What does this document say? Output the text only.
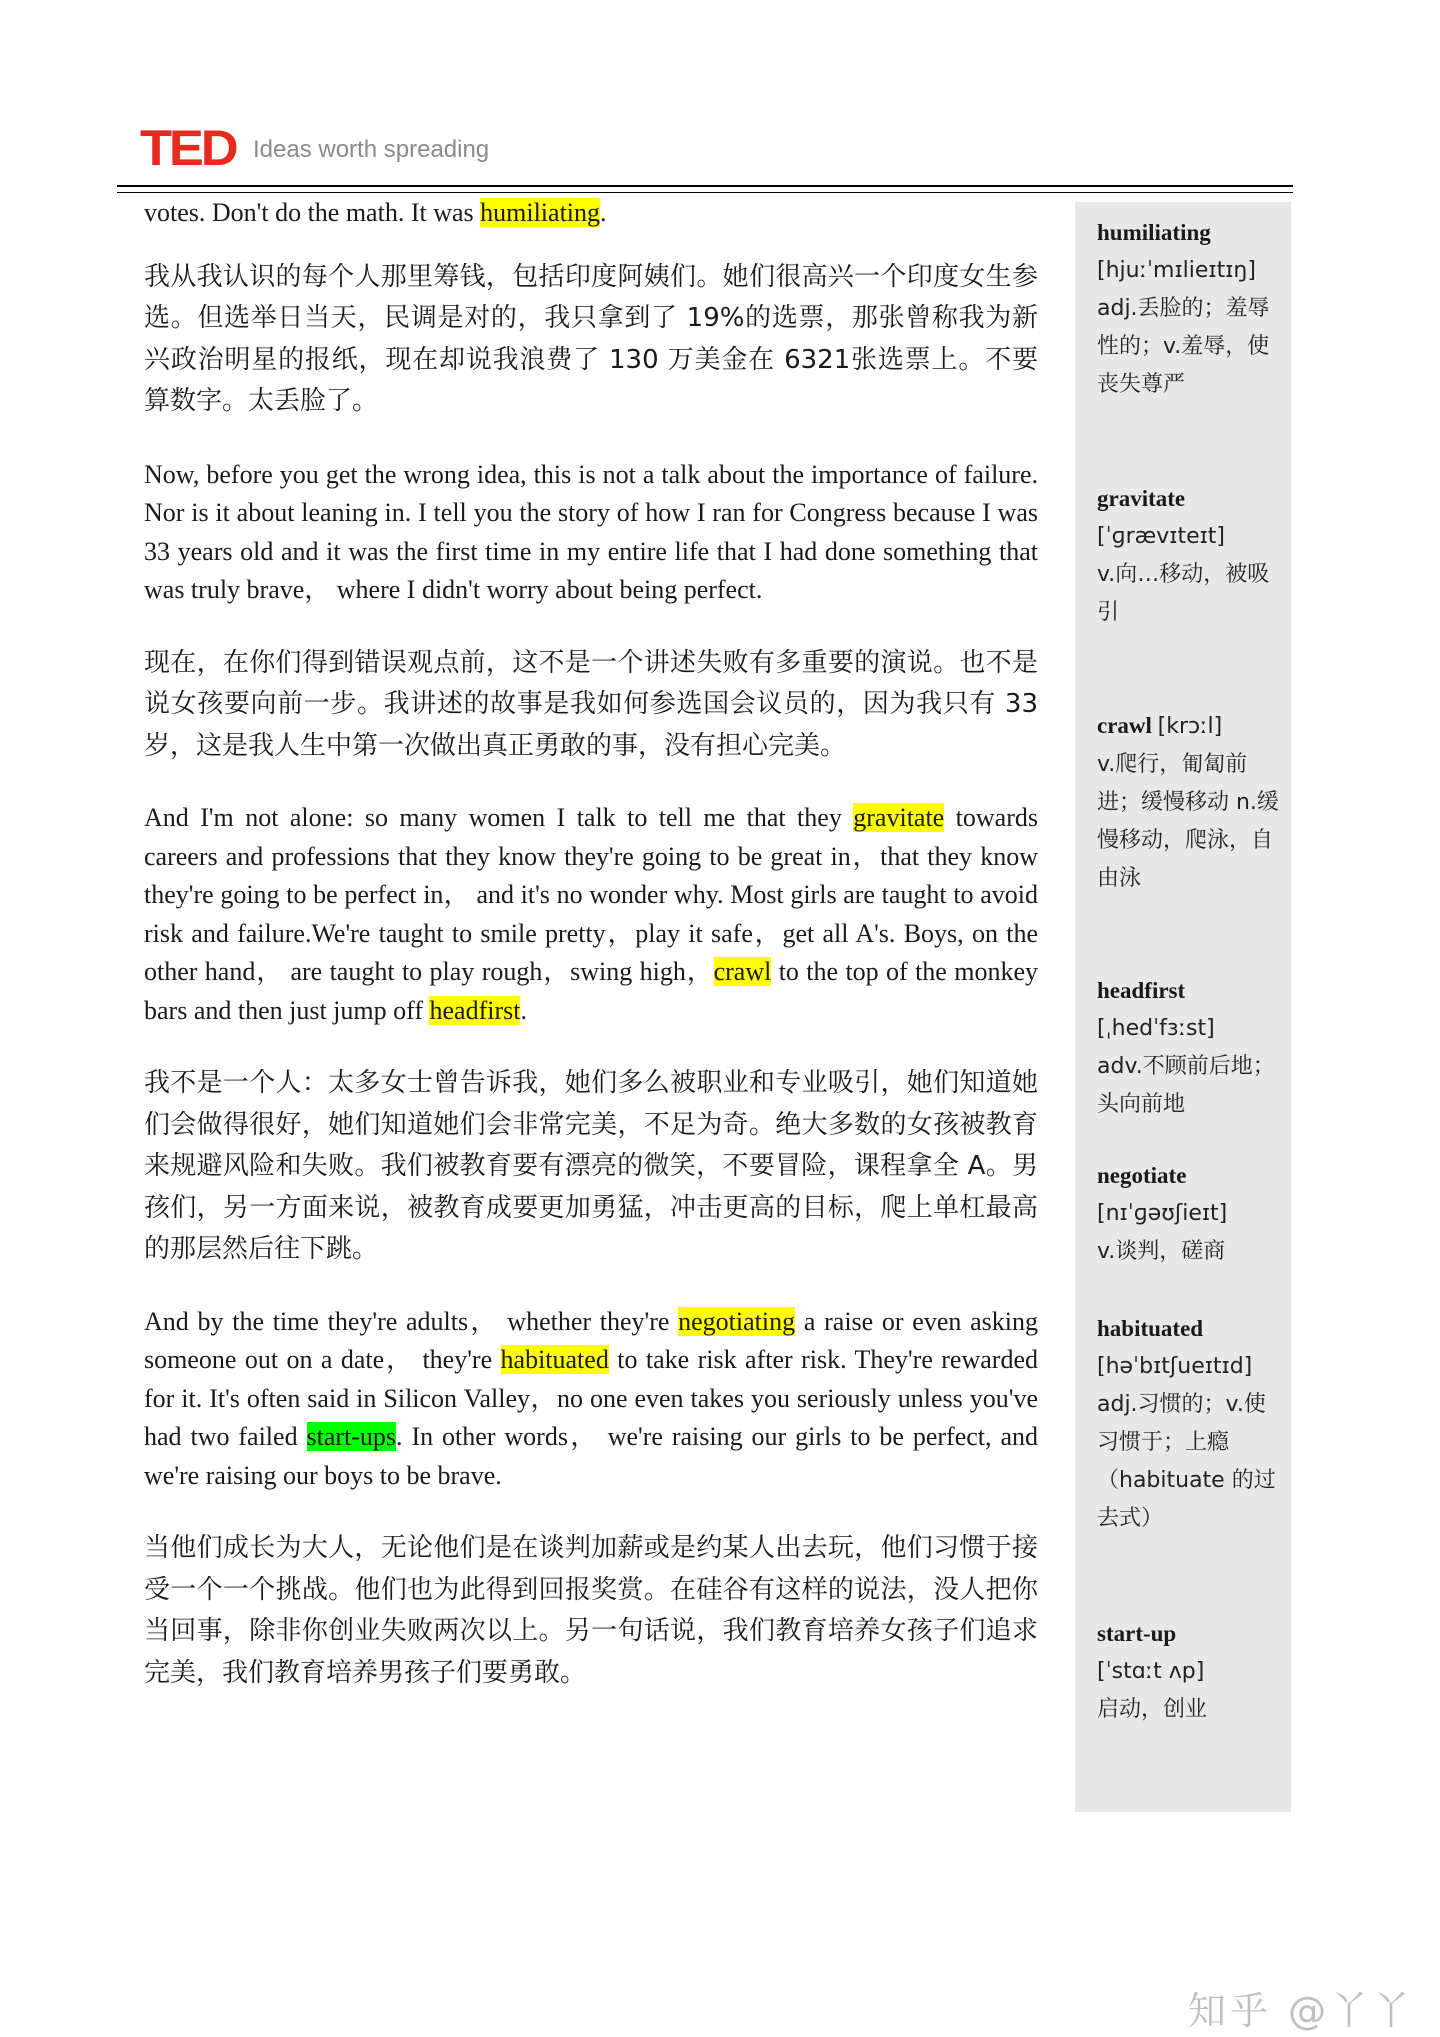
TED Ideas worth spreading

votes. Don't do the math. It was humiliating.

我从我认识的每个人那里筹钱，包括印度阿姨们。她们很高兴一个印度女生参选。但选举日当天，民调是对的，我只拿到了 19%的选票，那张曾称我为新兴政治明星的报纸，现在却说我浪费了 130 万美金在 6321张选票上。不要算数字。太丢脸了。

Now, before you get the wrong idea, this is not a talk about the importance of failure. Nor is it about leaning in. I tell you the story of how I ran for Congress because I was 33 years old and it was the first time in my entire life that I had done something that was truly brave， where I didn't worry about being perfect.

现在，在你们得到错误观点前，这不是一个讲述失败有多重要的演说。也不是说女孩要向前一步。我讲述的故事是我如何参选国会议员的，因为我只有 33 岁，这是我人生中第一次做出真正勇敢的事，没有担心完美。

And I'm not alone: so many women I talk to tell me that they gravitate towards careers and professions that they know they're going to be great in，that they know they're going to be perfect in， and it's no wonder why. Most girls are taught to avoid risk and failure.We're taught to smile pretty，play it safe，get all A's. Boys, on the other hand， are taught to play rough，swing high，crawl to the top of the monkey bars and then just jump off headfirst.

我不是一个人：太多女士曾告诉我，她们多么被职业和专业吸引，她们知道她们会做得很好，她们知道她们会非常完美，不足为奇。绝大多数的女孩被教育来规避风险和失败。我们被教育要有漂亮的微笑，不要冒险，课程拿全 A。男孩们，另一方面来说，被教育成要更加勇猛，冲击更高的目标，爬上单杠最高的那层然后往下跳。

And by the time they're adults， whether they're negotiating a raise or even asking someone out on a date， they're habituated to take risk after risk. They're rewarded for it. It's often said in Silicon Valley，no one even takes you seriously unless you've had two failed start-ups. In other words， we're raising our girls to be perfect, and we're raising our boys to be brave.

当他们成长为大人，无论他们是在谈判加薪或是约某人出去玩，他们习惯于接受一个一个挑战。他们也为此得到回报奖赏。在硅谷有这样的说法，没人把你当回事，除非你创业失败两次以上。另一句话说，我们教育培养女孩子们追求完美，我们教育培养男孩子们要勇敢。

humiliating
[hjuːˈmɪlieɪtɪŋ]
adj.丢脸的；羞辱性的；v.羞辱，使丧失尊严
gravitate
[ˈɡrævɪteɪt]
v.向…移动，被吸引
crawl [krɔːl]
v.爬行，匍匐前进；缓慢移动 n.缓慢移动，爬泳，自由泳
headfirst
[ˌhedˈfɜːst]
adv.不顾前后地；头向前地
negotiate
[nɪˈɡəʊʃieɪt]
v.谈判，磋商
habituated
[həˈbɪtʃueɪtɪd]
adj.习惯的；v.使习惯于；上瘾（habituate 的过去式）
start-up
[ˈstɑːt ʌp]
启动，创业
知乎 @丫丫
